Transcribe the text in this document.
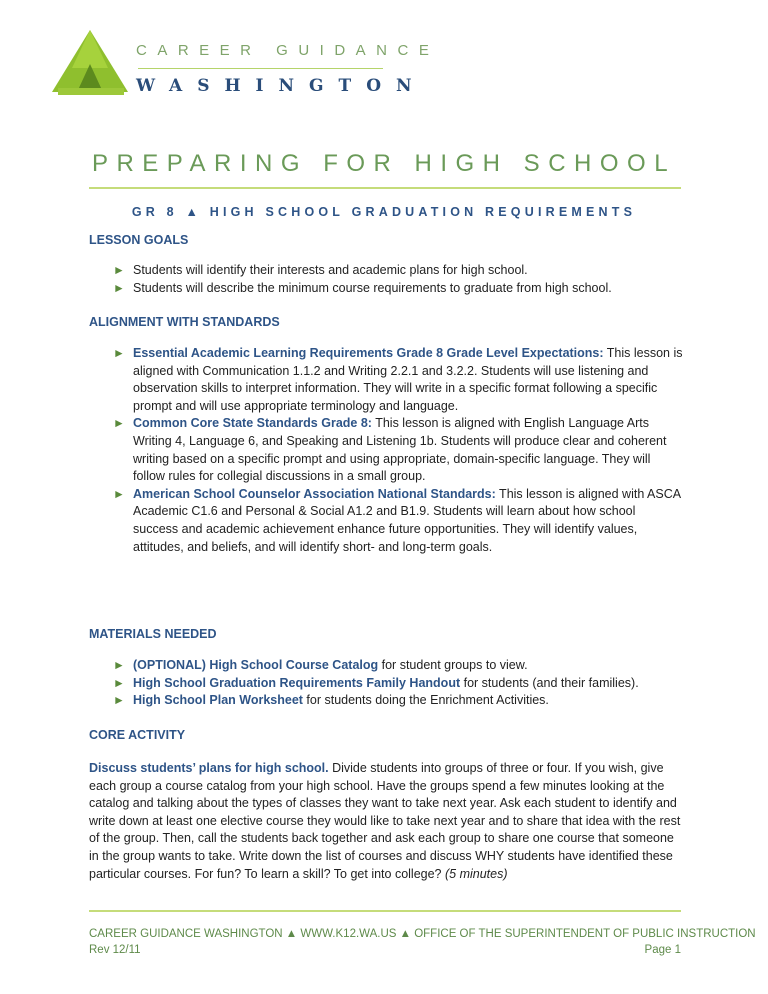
CAREER GUIDANCE
WASHINGTON
PREPARING FOR HIGH SCHOOL
GR 8 ▲ HIGH SCHOOL GRADUATION REQUIREMENTS
LESSON GOALS
► Students will identify their interests and academic plans for high school.
► Students will describe the minimum course requirements to graduate from high school.
ALIGNMENT WITH STANDARDS
► Essential Academic Learning Requirements Grade 8 Grade Level Expectations: This lesson is aligned with Communication 1.1.2 and Writing 2.2.1 and 3.2.2. Students will use listening and observation skills to interpret information. They will write in a specific format following a specific prompt and will use appropriate terminology and language.
► Common Core State Standards Grade 8: This lesson is aligned with English Language Arts Writing 4, Language 6, and Speaking and Listening 1b. Students will produce clear and coherent writing based on a specific prompt and using appropriate, domain-specific language. They will follow rules for collegial discussions in a small group.
► American School Counselor Association National Standards: This lesson is aligned with ASCA Academic C1.6 and Personal & Social A1.2 and B1.9. Students will learn about how school success and academic achievement enhance future opportunities. They will identify values, attitudes, and beliefs, and will identify short- and long-term goals.
MATERIALS NEEDED
► (OPTIONAL) High School Course Catalog for student groups to view.
► High School Graduation Requirements Family Handout for students (and their families).
► High School Plan Worksheet for students doing the Enrichment Activities.
CORE ACTIVITY
Discuss students’ plans for high school. Divide students into groups of three or four. If you wish, give each group a course catalog from your high school. Have the groups spend a few minutes looking at the catalog and talking about the types of classes they want to take next year. Ask each student to identify and write down at least one elective course they would like to take next year and to share that idea with the rest of the group. Then, call the students back together and ask each group to share one course that someone in the group wants to take. Write down the list of courses and discuss WHY students have identified these particular courses. For fun? To learn a skill? To get into college? (5 minutes)
CAREER GUIDANCE WASHINGTON ▲ WWW.K12.WA.US ▲ OFFICE OF THE SUPERINTENDENT OF PUBLIC INSTRUCTION
Rev 12/11	Page 1
